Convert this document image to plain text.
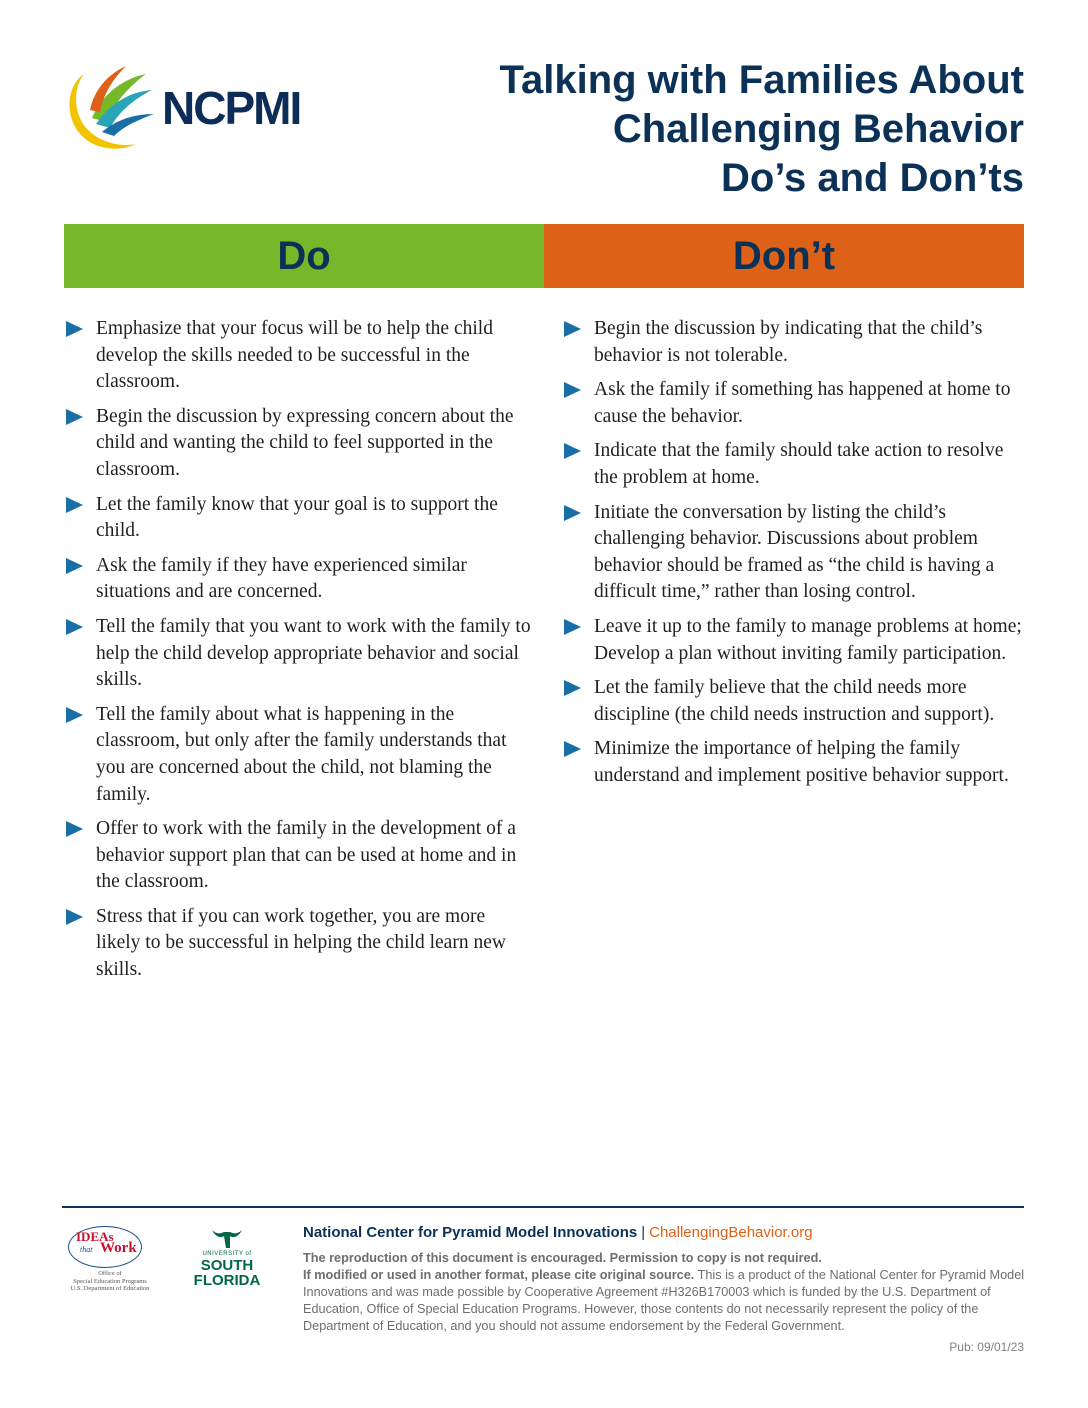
NCPMI
Talking with Families About
Challenging Behavior
Do’s and Don’ts
Do	Don’t
Emphasize that your focus will be to help the child develop the skills needed to be successful in the classroom.
Begin the discussion by expressing concern about the child and wanting the child to feel supported in the classroom.
Let the family know that your goal is to support the child.
Ask the family if they have experienced similar situations and are concerned.
Tell the family that you want to work with the family to help the child develop appropriate behavior and social skills.
Tell the family about what is happening in the classroom, but only after the family understands that you are concerned about the child, not blaming the family.
Offer to work with the family in the development of a behavior support plan that can be used at home and in the classroom.
Stress that if you can work together, you are more likely to be successful in helping the child learn new skills.
Begin the discussion by indicating that the child’s behavior is not tolerable.
Ask the family if something has happened at home to cause the behavior.
Indicate that the family should take action to resolve the problem at home.
Initiate the conversation by listing the child’s challenging behavior. Discussions about problem behavior should be framed as “the child is having a difficult time,” rather than losing control.
Leave it up to the family to manage problems at home; Develop a plan without inviting family participation.
Let the family believe that the child needs more discipline (the child needs instruction and support).
Minimize the importance of helping the family understand and implement positive behavior support.
IDEAs
that Work
Office of
Special Education Programs
U.S. Department of Education
UNIVERSITY of
SOUTH
FLORIDA
National Center for Pyramid Model Innovations | ChallengingBehavior.org
The reproduction of this document is encouraged. Permission to copy is not required.
If modified or used in another format, please cite original source. This is a product of the National Center for Pyramid Model Innovations and was made possible by Cooperative Agreement #H326B170003 which is funded by the U.S. Department of Education, Office of Special Education Programs. However, those contents do not necessarily represent the policy of the Department of Education, and you should not assume endorsement by the Federal Government.
Pub: 09/01/23
